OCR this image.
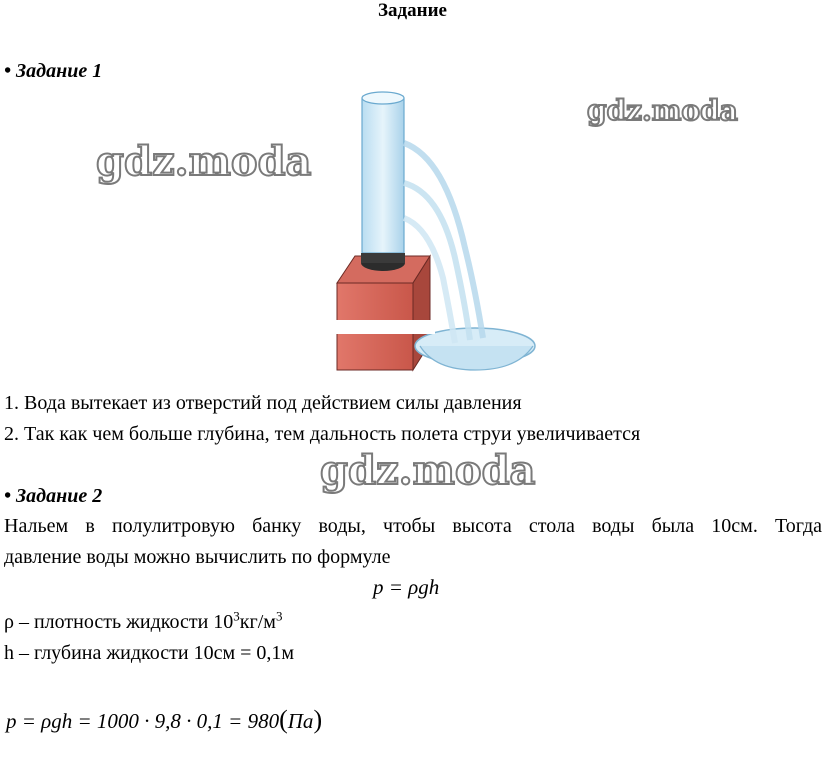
Задание
• Задание 1
gdz.moda
gdz.moda
1. Вода вытекает из отверстий под действием силы давления
2. Так как чем больше глубина, тем дальность полета струи увеличивается
gdz.moda
• Задание 2
Нальем в полулитровую банку воды, чтобы высота стола воды была 10см. Тогда
давление воды можно вычислить по формуле
p = ρgh
ρ – плотность жидкости $10^3кг/м^3$
h – глубина жидкости 10см = 0,1м
p = ρgh = 1000 · 9,8 · 0,1 = 980(Па)
